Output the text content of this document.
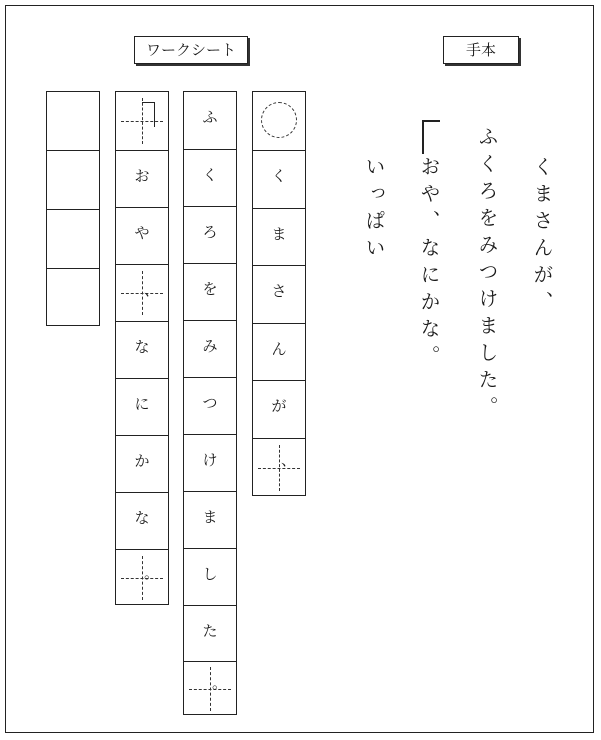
ワークシート	手本
お
や
、
な
に
か
な
。
ふ
く
ろ
を
み
つ
け
ま
し
た
。
く
ま
さ
ん
が
、
くまさんが、
ふくろをみつけました。
おや、なにかな。
いっぱい
